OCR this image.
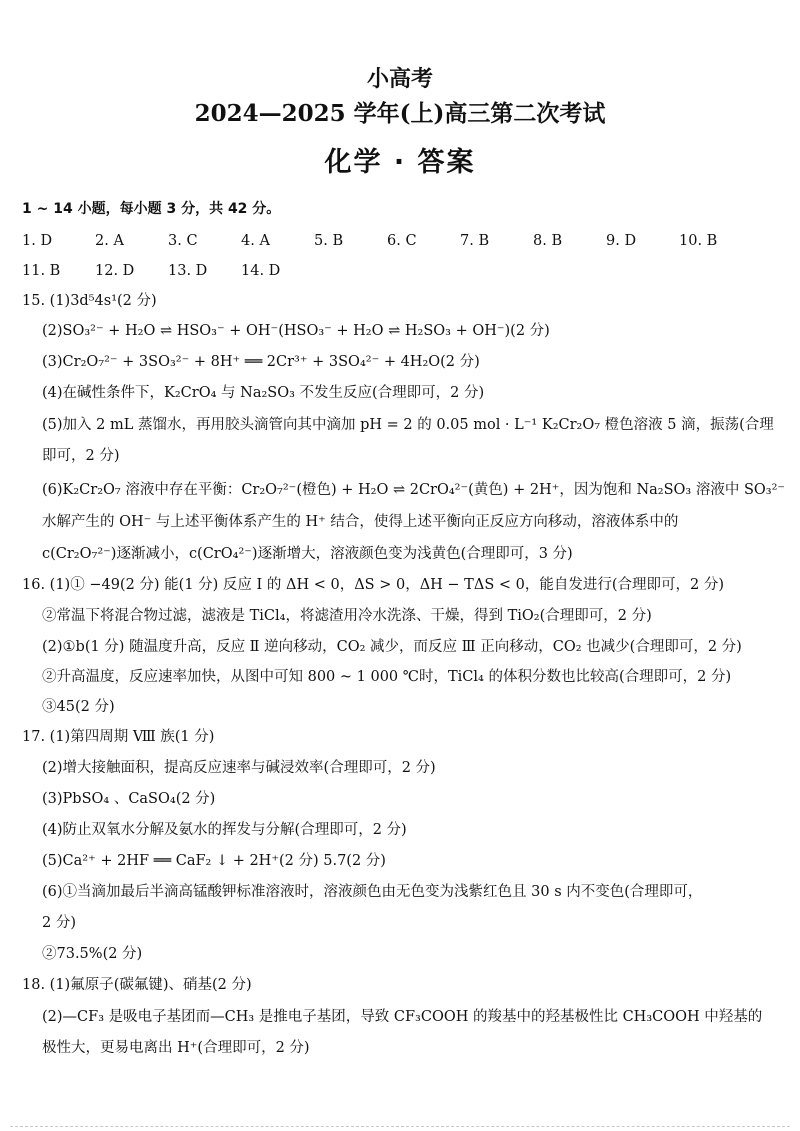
小高考
2024—2025 学年(上)高三第二次考试
化学 · 答案
1 ~ 14 小题，每小题 3 分，共 42 分。
1. D	2. A	3. C	4. A	5. B	6. C	7. B	8. B	9. D	10. B
11. B 12. D 13. D 14. D
15. (1)3d⁵4s¹(2 分)
(2)SO₃²⁻ + H₂O ⇌ HSO₃⁻ + OH⁻(HSO₃⁻ + H₂O ⇌ H₂SO₃ + OH⁻)(2 分)
(3)Cr₂O₇²⁻ + 3SO₃²⁻ + 8H⁺ ══ 2Cr³⁺ + 3SO₄²⁻ + 4H₂O(2 分)
(4)在碱性条件下，K₂CrO₄ 与 Na₂SO₃ 不发生反应(合理即可，2 分)
(5)加入 2 mL 蒸馏水，再用胶头滴管向其中滴加 pH = 2 的 0.05 mol · L⁻¹ K₂Cr₂O₇ 橙色溶液 5 滴，振荡(合理
即可，2 分)
(6)K₂Cr₂O₇ 溶液中存在平衡：Cr₂O₇²⁻(橙色) + H₂O ⇌ 2CrO₄²⁻(黄色) + 2H⁺，因为饱和 Na₂SO₃ 溶液中 SO₃²⁻
水解产生的 OH⁻ 与上述平衡体系产生的 H⁺ 结合，使得上述平衡向正反应方向移动，溶液体系中的
c(Cr₂O₇²⁻)逐渐减小，c(CrO₄²⁻)逐渐增大，溶液颜色变为浅黄色(合理即可，3 分)
16. (1)① −49(2 分) 能(1 分) 反应 Ⅰ 的 ΔH < 0，ΔS > 0，ΔH − TΔS < 0，能自发进行(合理即可，2 分)
②常温下将混合物过滤，滤液是 TiCl₄，将滤渣用冷水洗涤、干燥，得到 TiO₂(合理即可，2 分)
(2)①b(1 分) 随温度升高，反应 Ⅱ 逆向移动，CO₂ 减少，而反应 Ⅲ 正向移动，CO₂ 也减少(合理即可，2 分)
②升高温度，反应速率加快，从图中可知 800 ~ 1 000 ℃时，TiCl₄ 的体积分数也比较高(合理即可，2 分)
③45(2 分)
17. (1)第四周期 Ⅷ 族(1 分)
(2)增大接触面积，提高反应速率与碱浸效率(合理即可，2 分)
(3)PbSO₄ 、CaSO₄(2 分)
(4)防止双氧水分解及氨水的挥发与分解(合理即可，2 分)
(5)Ca²⁺ + 2HF ══ CaF₂ ↓ + 2H⁺(2 分) 5.7(2 分)
(6)①当滴加最后半滴高锰酸钾标准溶液时，溶液颜色由无色变为浅紫红色且 30 s 内不变色(合理即可，
2 分)
②73.5%(2 分)
18. (1)氟原子(碳氟键)、硝基(2 分)
(2)—CF₃ 是吸电子基团而—CH₃ 是推电子基团，导致 CF₃COOH 的羧基中的羟基极性比 CH₃COOH 中羟基的
极性大，更易电离出 H⁺(合理即可，2 分)
